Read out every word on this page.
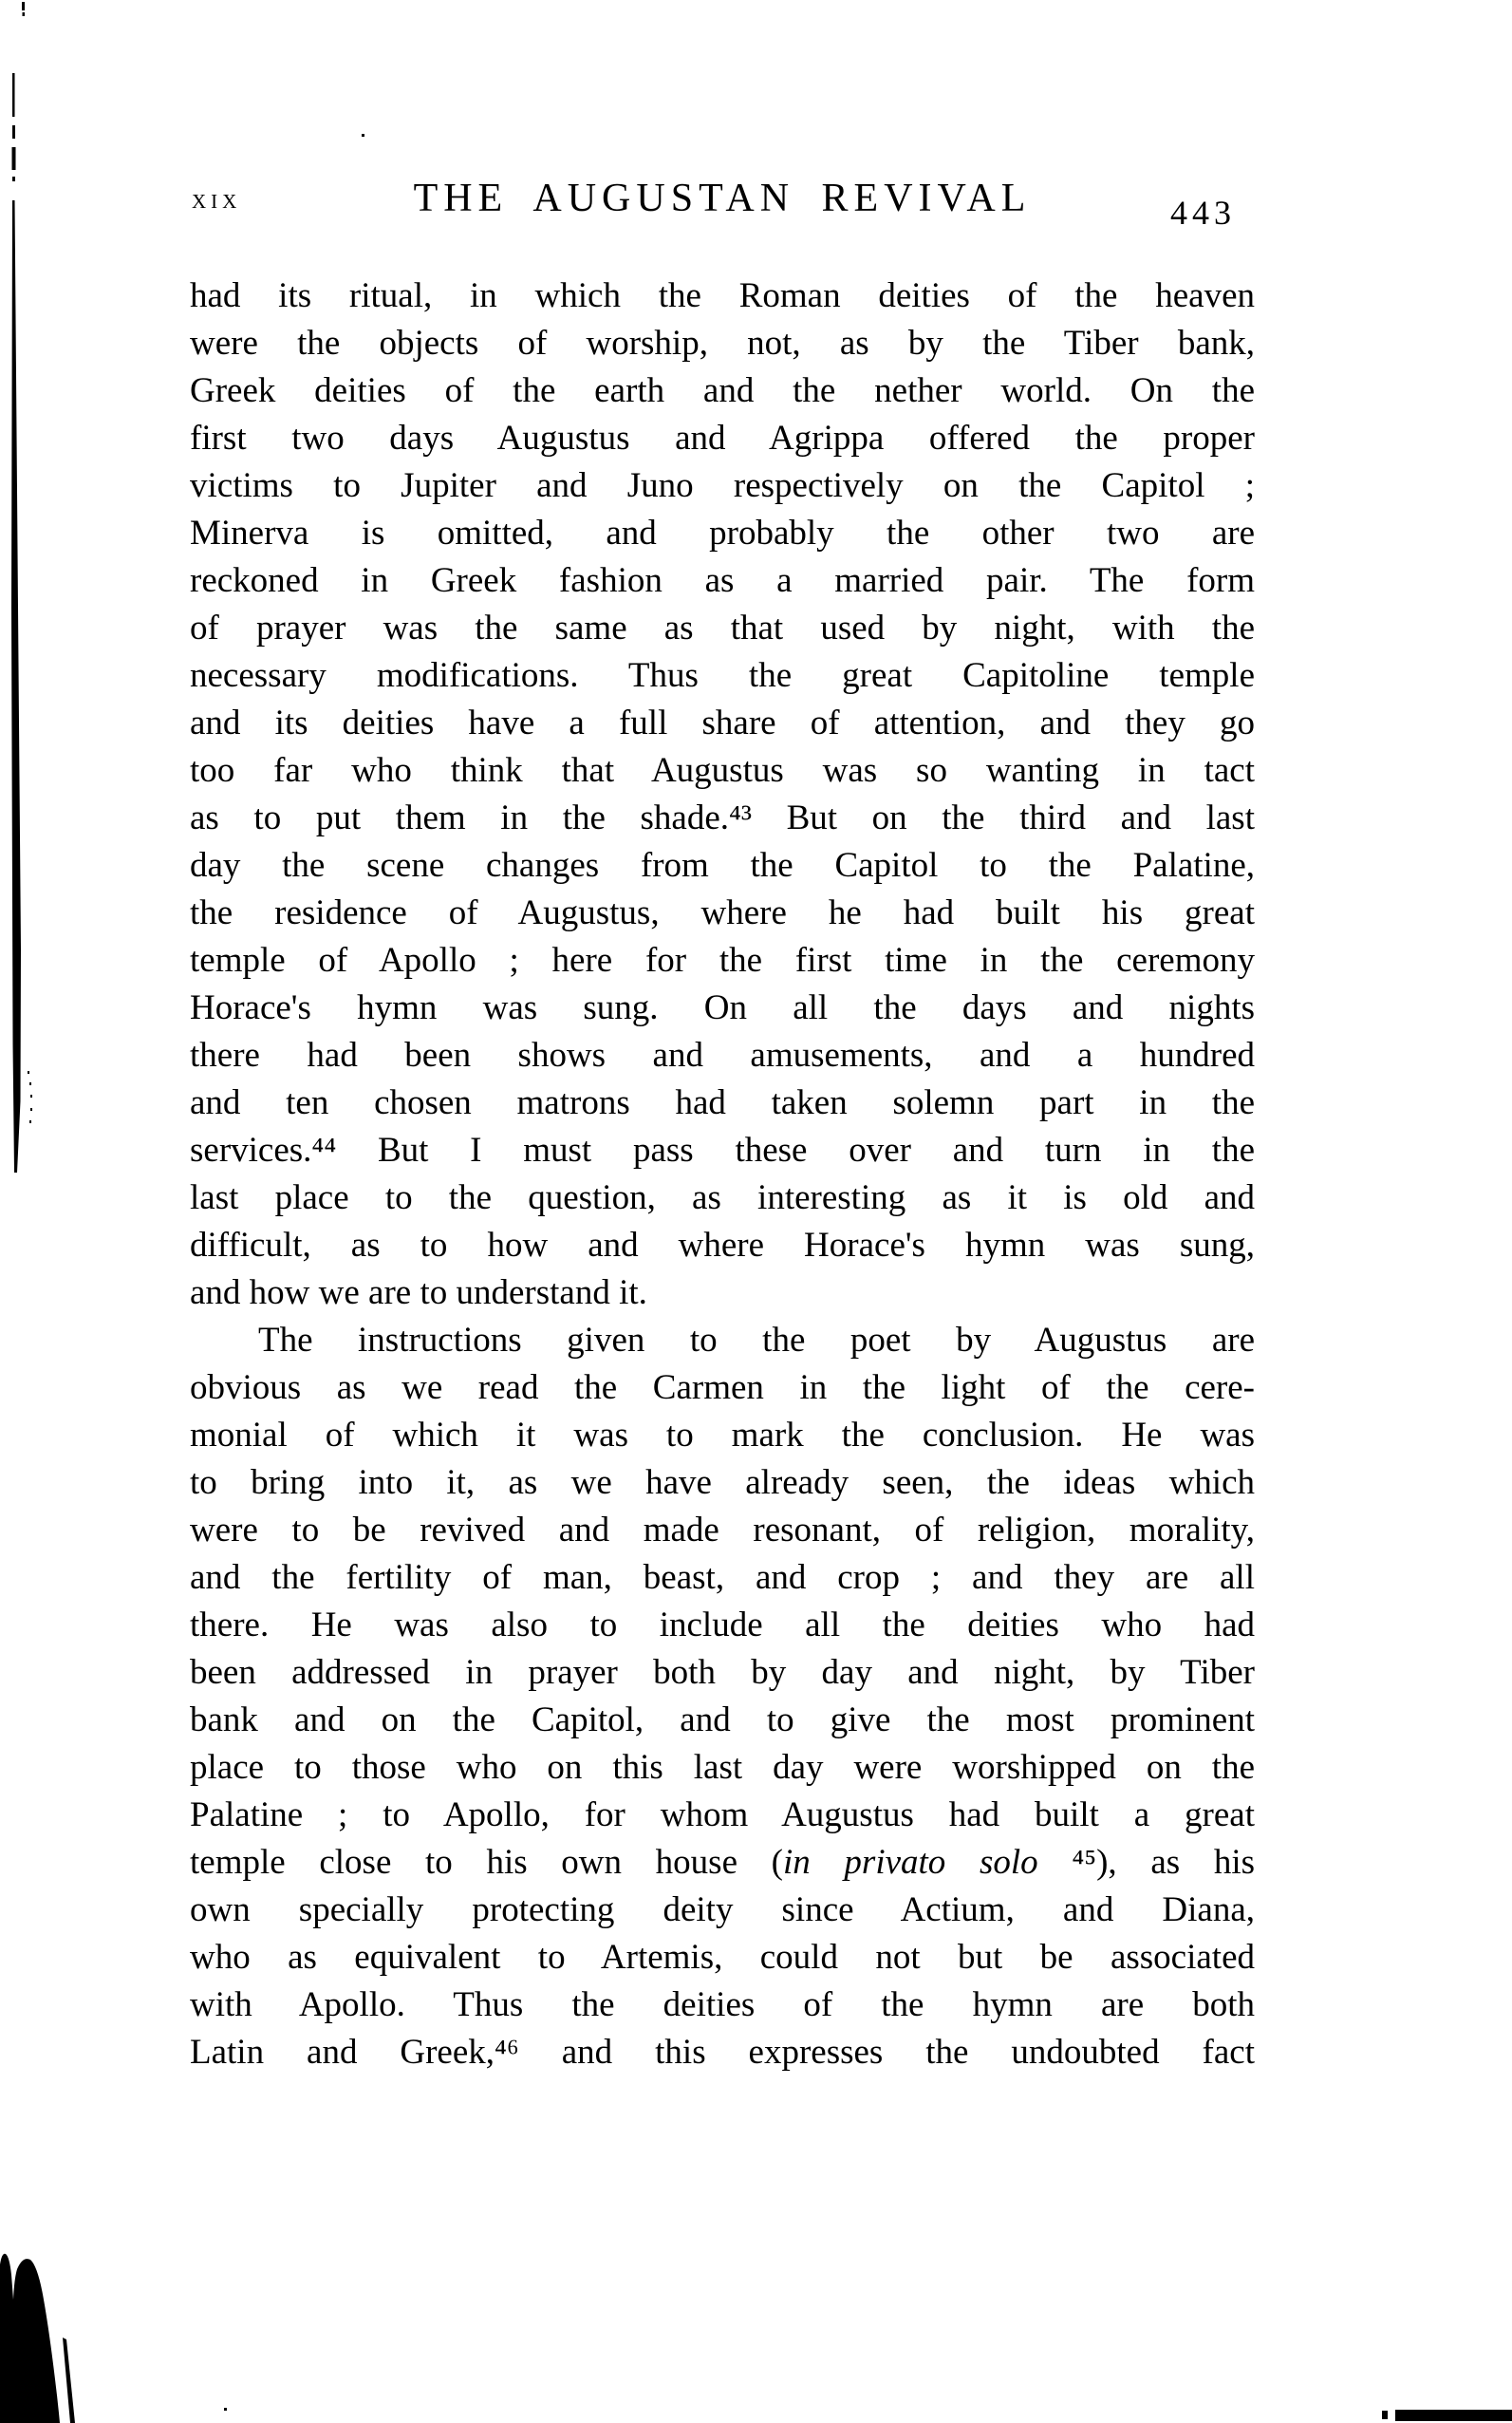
xix	THE AUGUSTAN REVIVAL	443
had its ritual, in which the Roman deities of the heaven
were the objects of worship, not, as by the Tiber bank,
Greek deities of the earth and the nether world. On the
first two days Augustus and Agrippa offered the proper
victims to Jupiter and Juno respectively on the Capitol ;
Minerva is omitted, and probably the other two are
reckoned in Greek fashion as a married pair. The form
of prayer was the same as that used by night, with the
necessary modifications. Thus the great Capitoline temple
and its deities have a full share of attention, and they go
too far who think that Augustus was so wanting in tact
as to put them in the shade.⁴³ But on the third and last
day the scene changes from the Capitol to the Palatine,
the residence of Augustus, where he had built his great
temple of Apollo ; here for the first time in the ceremony
Horace's hymn was sung. On all the days and nights
there had been shows and amusements, and a hundred
and ten chosen matrons had taken solemn part in the
services.⁴⁴ But I must pass these over and turn in the
last place to the question, as interesting as it is old and
difficult, as to how and where Horace's hymn was sung,
and how we are to understand it.
The instructions given to the poet by Augustus are
obvious as we read the Carmen in the light of the cere-
monial of which it was to mark the conclusion. He was
to bring into it, as we have already seen, the ideas which
were to be revived and made resonant, of religion, morality,
and the fertility of man, beast, and crop ; and they are all
there. He was also to include all the deities who had
been addressed in prayer both by day and night, by Tiber
bank and on the Capitol, and to give the most prominent
place to those who on this last day were worshipped on the
Palatine ; to Apollo, for whom Augustus had built a great
temple close to his own house (in privato solo ⁴⁵), as his
own specially protecting deity since Actium, and Diana,
who as equivalent to Artemis, could not but be associated
with Apollo. Thus the deities of the hymn are both
Latin and Greek,⁴⁶ and this expresses the undoubted fact
